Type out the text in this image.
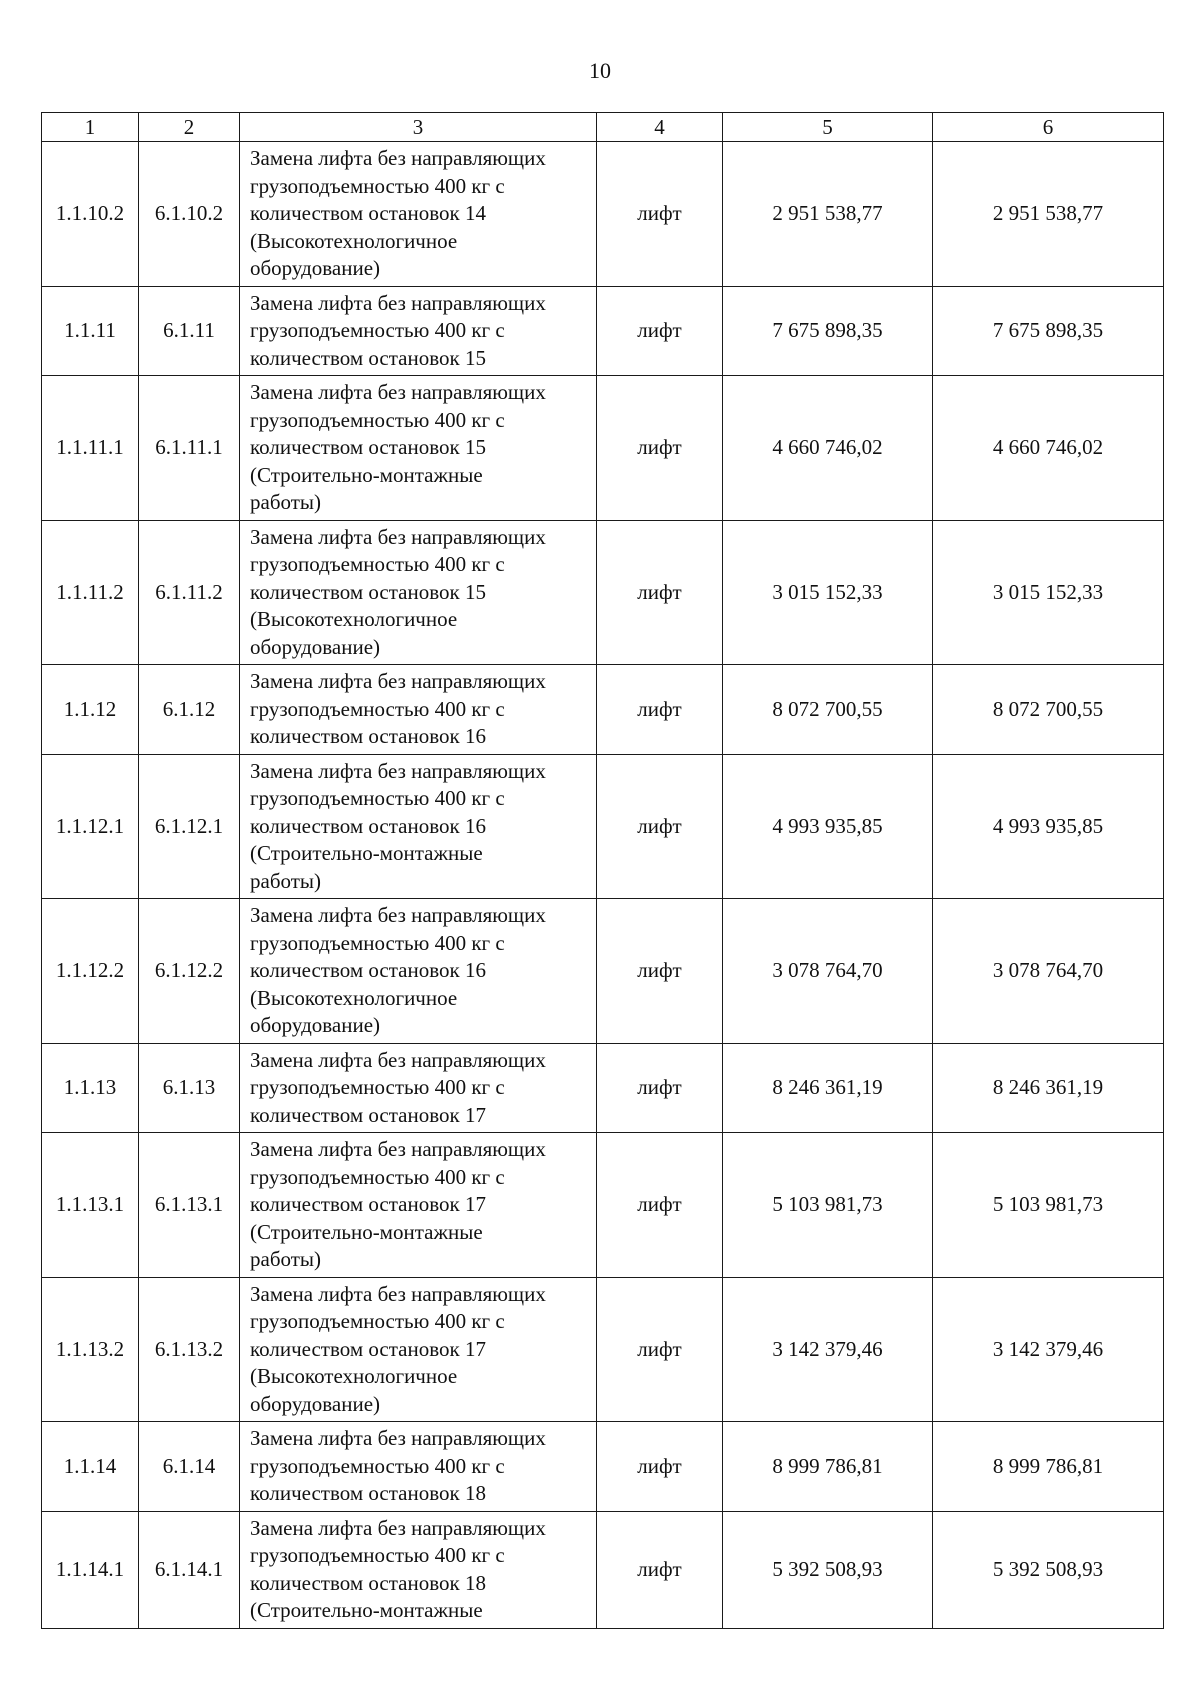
10
1	2	3	4	5	6
1.1.10.2	6.1.10.2	Замена лифта без направляющих
грузоподъемностью 400 кг с
количеством остановок 14
(Высокотехнологичное
оборудование)	лифт	2 951 538,77	2 951 538,77
1.1.11	6.1.11	Замена лифта без направляющих
грузоподъемностью 400 кг с
количеством остановок 15	лифт	7 675 898,35	7 675 898,35
1.1.11.1	6.1.11.1	Замена лифта без направляющих
грузоподъемностью 400 кг с
количеством остановок 15
(Строительно-монтажные
работы)	лифт	4 660 746,02	4 660 746,02
1.1.11.2	6.1.11.2	Замена лифта без направляющих
грузоподъемностью 400 кг с
количеством остановок 15
(Высокотехнологичное
оборудование)	лифт	3 015 152,33	3 015 152,33
1.1.12	6.1.12	Замена лифта без направляющих
грузоподъемностью 400 кг с
количеством остановок 16	лифт	8 072 700,55	8 072 700,55
1.1.12.1	6.1.12.1	Замена лифта без направляющих
грузоподъемностью 400 кг с
количеством остановок 16
(Строительно-монтажные
работы)	лифт	4 993 935,85	4 993 935,85
1.1.12.2	6.1.12.2	Замена лифта без направляющих
грузоподъемностью 400 кг с
количеством остановок 16
(Высокотехнологичное
оборудование)	лифт	3 078 764,70	3 078 764,70
1.1.13	6.1.13	Замена лифта без направляющих
грузоподъемностью 400 кг с
количеством остановок 17	лифт	8 246 361,19	8 246 361,19
1.1.13.1	6.1.13.1	Замена лифта без направляющих
грузоподъемностью 400 кг с
количеством остановок 17
(Строительно-монтажные
работы)	лифт	5 103 981,73	5 103 981,73
1.1.13.2	6.1.13.2	Замена лифта без направляющих
грузоподъемностью 400 кг с
количеством остановок 17
(Высокотехнологичное
оборудование)	лифт	3 142 379,46	3 142 379,46
1.1.14	6.1.14	Замена лифта без направляющих
грузоподъемностью 400 кг с
количеством остановок 18	лифт	8 999 786,81	8 999 786,81
1.1.14.1	6.1.14.1	Замена лифта без направляющих
грузоподъемностью 400 кг с
количеством остановок 18
(Строительно-монтажные	лифт	5 392 508,93	5 392 508,93
